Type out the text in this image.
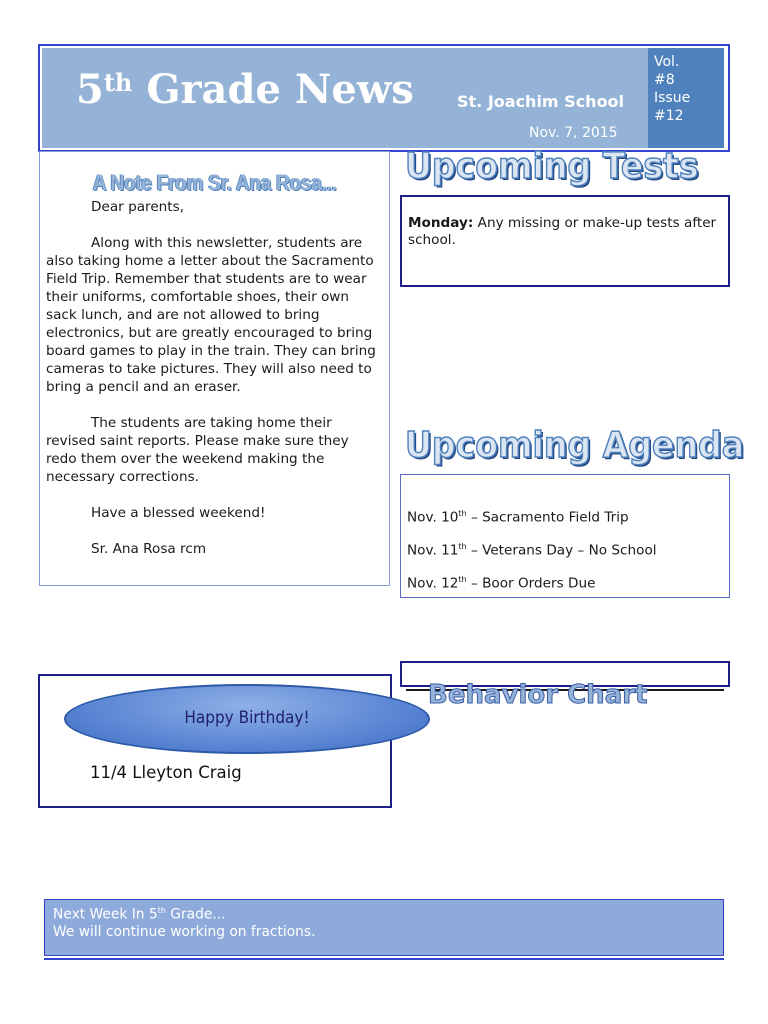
5th Grade News	St. Joachim School
Nov. 7, 2015
Vol.
#8
Issue
#12
A Note From Sr. Ana Rosa...

Dear parents,

Along with this newsletter, students are also taking home a letter about the Sacramento Field Trip. Remember that students are to wear their uniforms, comfortable shoes, their own sack lunch, and are not allowed to bring electronics, but are greatly encouraged to bring board games to play in the train. They can bring cameras to take pictures. They will also need to bring a pencil and an eraser.

The students are taking home their revised saint reports. Please make sure they redo them over the weekend making the necessary corrections.

Have a blessed weekend!

Sr. Ana Rosa rcm

Upcoming Tests
Monday: Any missing or make-up tests after school.
Upcoming Agenda
Nov. 10th – Sacramento Field Trip
Nov. 11th – Veterans Day – No School
Nov. 12th – Boor Orders Due
Behavior Chart
Happy Birthday!
11/4 Lleyton Craig
Next Week In 5th Grade...
We will continue working on fractions.
